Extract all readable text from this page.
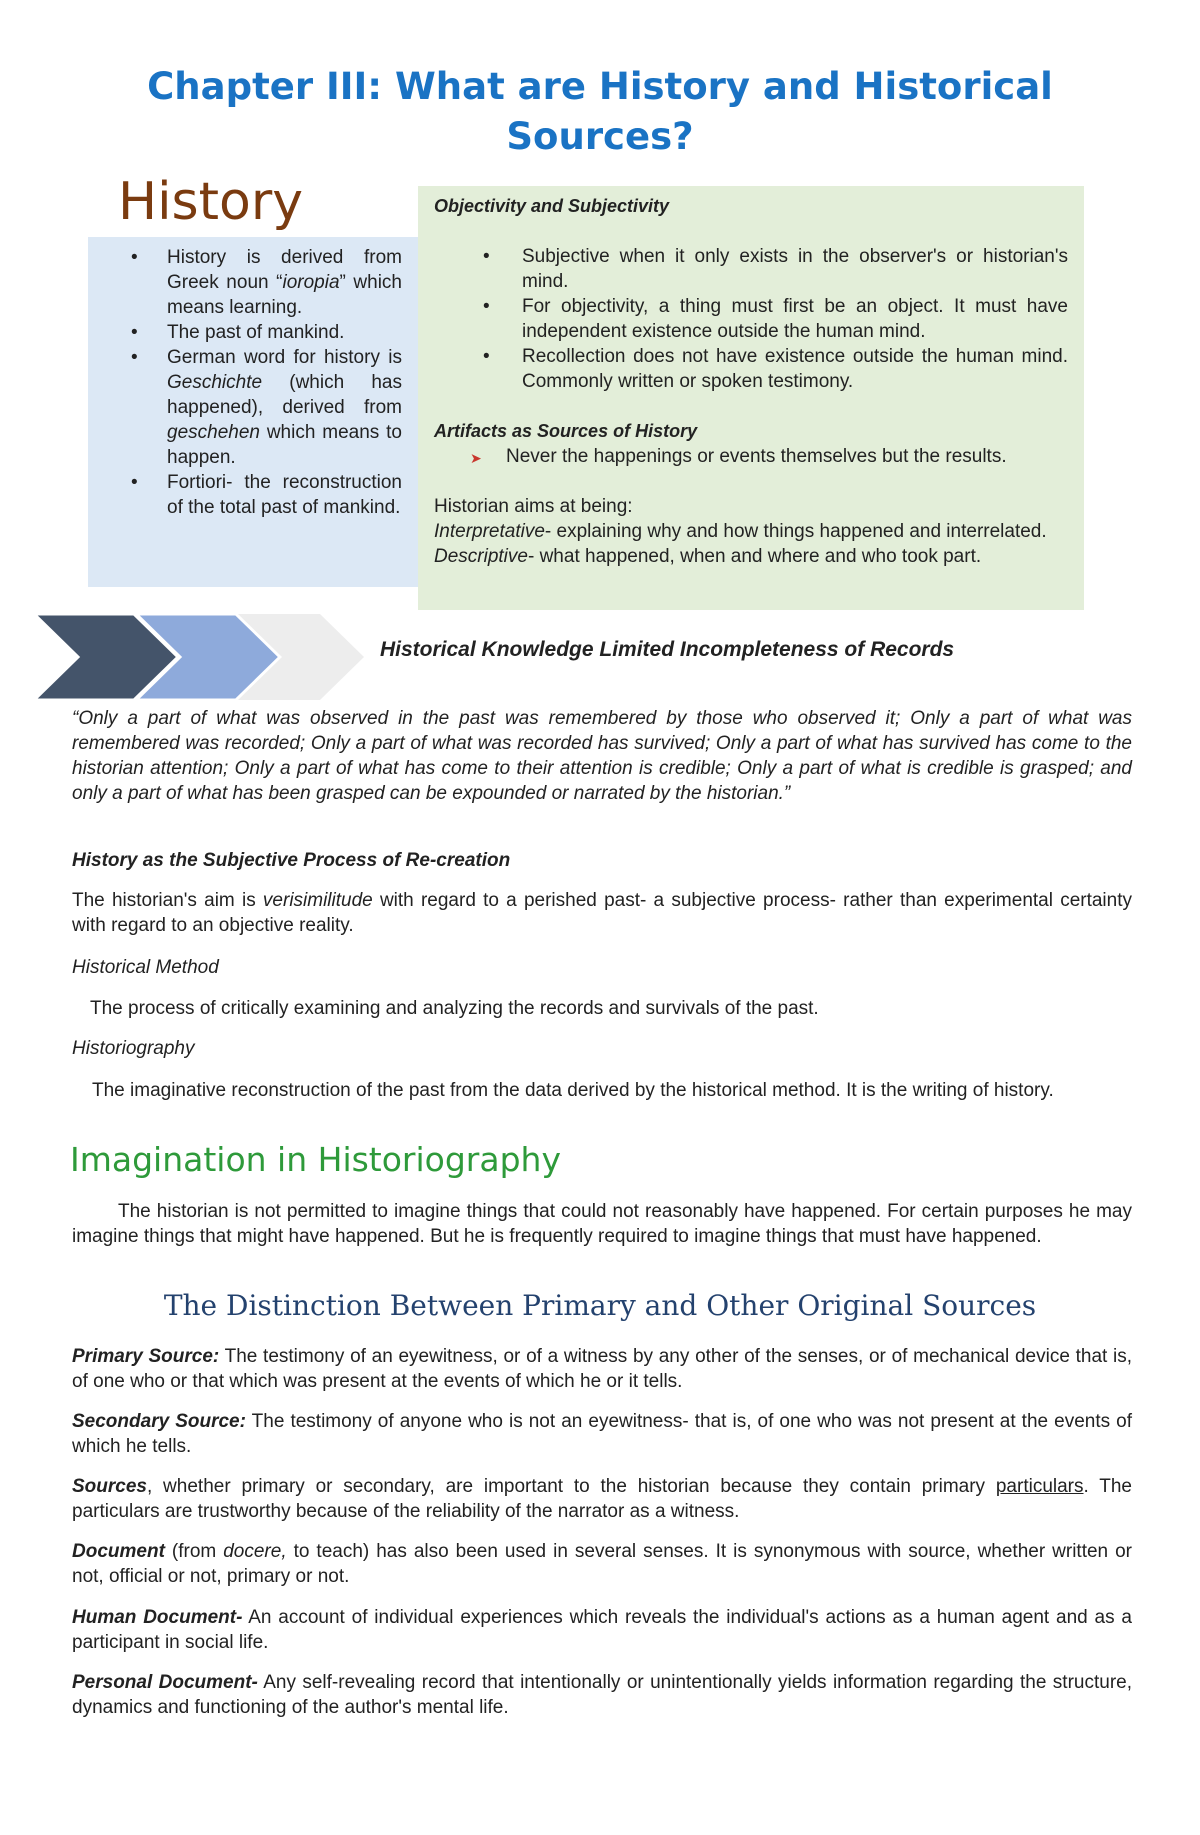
Chapter III: What are History and Historical Sources?
• History is derived from Greek noun “ioropia” which means learning.
• The past of mankind.
• German word for history is Geschichte (which has happened), derived from geschehen which means to happen.
• Fortiori- the reconstruction of the total past of mankind.
History	Objectivity and Subjectivity
• Subjective when it only exists in the observer's or historian's mind.
• For objectivity, a thing must first be an object. It must have independent existence outside the human mind.
• Recollection does not have existence outside the human mind. Commonly written or spoken testimony.
Artifacts as Sources of History
➤ Never the happenings or events themselves but the results.
Historian aims at being:
Interpretative- explaining why and how things happened and interrelated.
Descriptive- what happened, when and where and who took part.
Historical Knowledge Limited Incompleteness of Records
“Only a part of what was observed in the past was remembered by those who observed it; Only a part of what was remembered was recorded; Only a part of what was recorded has survived; Only a part of what has survived has come to the historian attention; Only a part of what has come to their attention is credible; Only a part of what is credible is grasped; and only a part of what has been grasped can be expounded or narrated by the historian.”
History as the Subjective Process of Re-creation
The historian's aim is verisimilitude with regard to a perished past- a subjective process- rather than experimental certainty with regard to an objective reality.
Historical Method
The process of critically examining and analyzing the records and survivals of the past.
Historiography
The imaginative reconstruction of the past from the data derived by the historical method. It is the writing of history.
Imagination in Historiography
The historian is not permitted to imagine things that could not reasonably have happened. For certain purposes he may imagine things that might have happened. But he is frequently required to imagine things that must have happened.
The Distinction Between Primary and Other Original Sources
Primary Source: The testimony of an eyewitness, or of a witness by any other of the senses, or of mechanical device that is, of one who or that which was present at the events of which he or it tells.
Secondary Source: The testimony of anyone who is not an eyewitness- that is, of one who was not present at the events of which he tells.
Sources, whether primary or secondary, are important to the historian because they contain primary particulars. The particulars are trustworthy because of the reliability of the narrator as a witness.
Document (from docere, to teach) has also been used in several senses. It is synonymous with source, whether written or not, official or not, primary or not.
Human Document- An account of individual experiences which reveals the individual's actions as a human agent and as a participant in social life.
Personal Document- Any self-revealing record that intentionally or unintentionally yields information regarding the structure, dynamics and functioning of the author's mental life.
